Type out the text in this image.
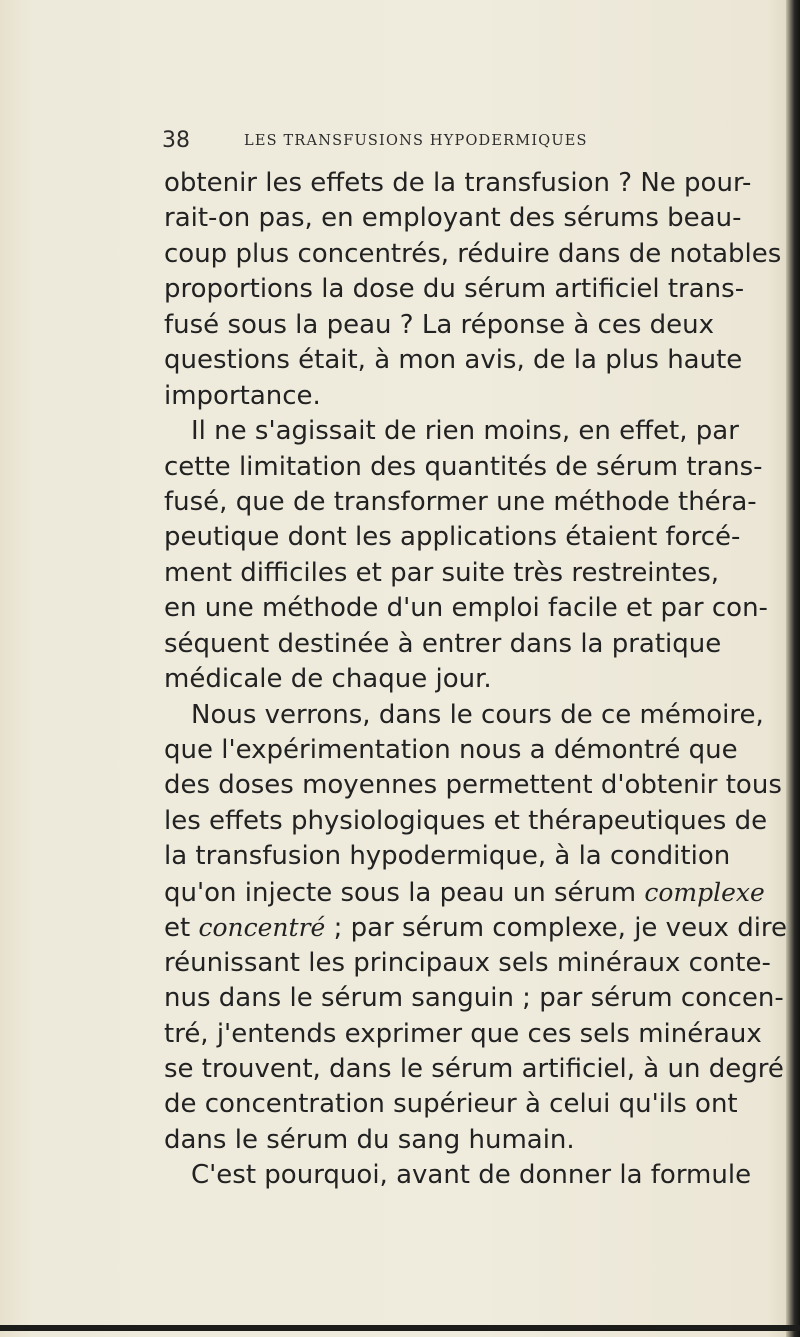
38	LES TRANSFUSIONS HYPODERMIQUES
obtenir les effets de la transfusion ? Ne pour-
rait-on pas, en employant des sérums beau-
coup plus concentrés, réduire dans de notables
proportions la dose du sérum artificiel trans-
fusé sous la peau ? La réponse à ces deux
questions était, à mon avis, de la plus haute
importance.
Il ne s'agissait de rien moins, en effet, par
cette limitation des quantités de sérum trans-
fusé, que de transformer une méthode théra-
peutique dont les applications étaient forcé-
ment difficiles et par suite très restreintes,
en une méthode d'un emploi facile et par con-
séquent destinée à entrer dans la pratique
médicale de chaque jour.
Nous verrons, dans le cours de ce mémoire,
que l'expérimentation nous a démontré que
des doses moyennes permettent d'obtenir tous
les effets physiologiques et thérapeutiques de
la transfusion hypodermique, à la condition
qu'on injecte sous la peau un sérum complexe
et concentré ; par sérum complexe, je veux dire
réunissant les principaux sels minéraux conte-
nus dans le sérum sanguin ; par sérum concen-
tré, j'entends exprimer que ces sels minéraux
se trouvent, dans le sérum artificiel, à un degré
de concentration supérieur à celui qu'ils ont
dans le sérum du sang humain.
C'est pourquoi, avant de donner la formule
